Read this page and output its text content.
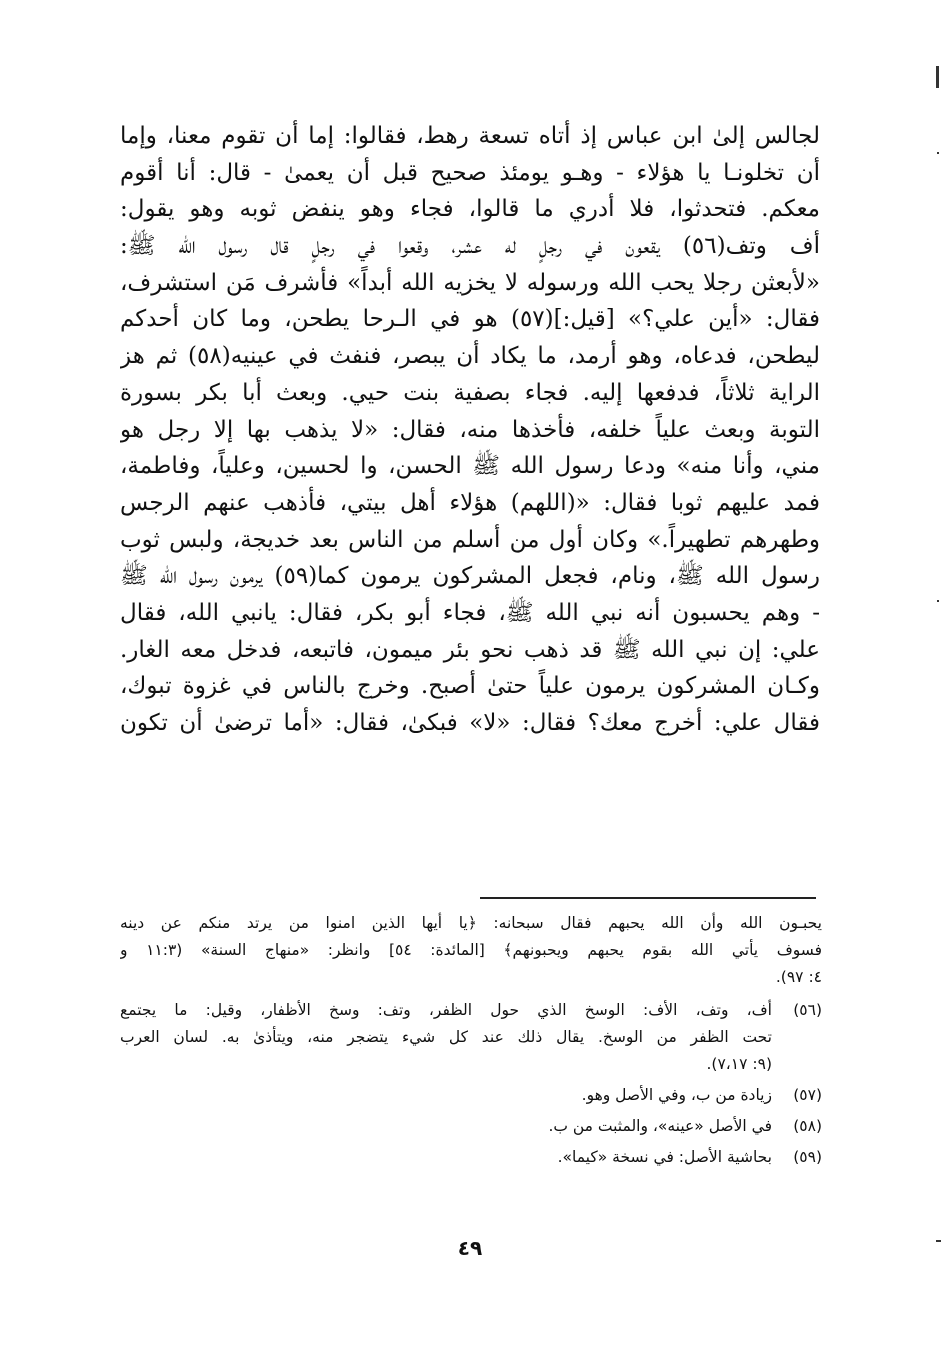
لجالس إلىٰ ابن عباس إذ أتاه تسعة رهط، فقالوا: إما أن تقوم معنا، وإما
أن تخلونـا يا هؤلاء - وهـو يومئذ صحيح قبل أن يعمىٰ - قال: أنا أقوم
معكم. فتحدثوا، فلا أدري ما قالوا، فجاء وهو ينفض ثوبه وهو يقول:
أف وتف(٥٦) يقعون في رجلٍ له عشر، وقعوا في رجلٍ قال رسول الله ﷺ:
«لأبعثن رجلا يحب الله ورسوله لا يخزيه الله أبداً» فأشرف مَن استشرف،
فقال: «أين علي؟» [قيل:](٥٧) هو في الـرحا يطحن، وما كان أحدكم
ليطحن، فدعاه، وهو أرمد، ما يكاد أن يبصر، فنفث في عينيه(٥٨) ثم هز
الراية ثلاثاً، فدفعها إليه. فجاء بصفية بنت حيي. وبعث أبا بكر بسورة
التوبة وبعث علياً خلفه، فأخذها منه، فقال: «لا يذهب بها إلا رجل هو
مني، وأنا منه» ودعا رسول الله ﷺ الحسن، وا لحسين، وعلياً، وفاطمة،
فمد عليهم ثوبا فقال: «(اللهم) هؤلاء أهل بيتي، فأذهب عنهم الرجس
وطهرهم تطهيراً.» وكان أول من أسلم من الناس بعد خديجة، ولبس ثوب
رسول الله ﷺ، ونام، فجعل المشركون يرمون كما(٥٩) يرمون رسول الله ﷺ
- وهم يحسبون أنه نبي الله ﷺ، فجاء أبو بكر، فقال: يانبي الله، فقال
علي: إن نبي الله ﷺ قد ذهب نحو بئر ميمون، فاتبعه، فدخل معه الغار.
وكـان المشركون يرمون علياً حتىٰ أصبح. وخرج بالناس في غزوة تبوك،
فقال علي: أخرج معك؟ فقال: «لا» فبكىٰ، فقال: «أما ترضىٰ أن تكون
يحبـون الله وأن الله يحبهم فقال سبحانه: ﴿يا أيها الذين امنوا من يرتد منكم عن دينه
فسوف يأتي الله بقوم يحبهم ويحبونهم﴾ [المائدة: ٥٤] وانظر: «منهاج السنة» (١١:٣ و
٤: ٩٧).
(٥٦)
أف، وتف، الأف: الوسخ الذي حول الظفر، وتف: وسخ الأظفار، وقيل: ما يجتمع
تحت الظفر من الوسخ. يقال ذلك عند كل شيء يتضجر منه، ويتأذىٰ به. لسان العرب
(٩: ٧،١٧).
(٥٧)
زيادة من ب، وفي الأصل وهو.
(٥٨)
في الأصل «عينه»، والمثبت من ب.
(٥٩)
بحاشية الأصل: في نسخة «كيما».
٤٩
